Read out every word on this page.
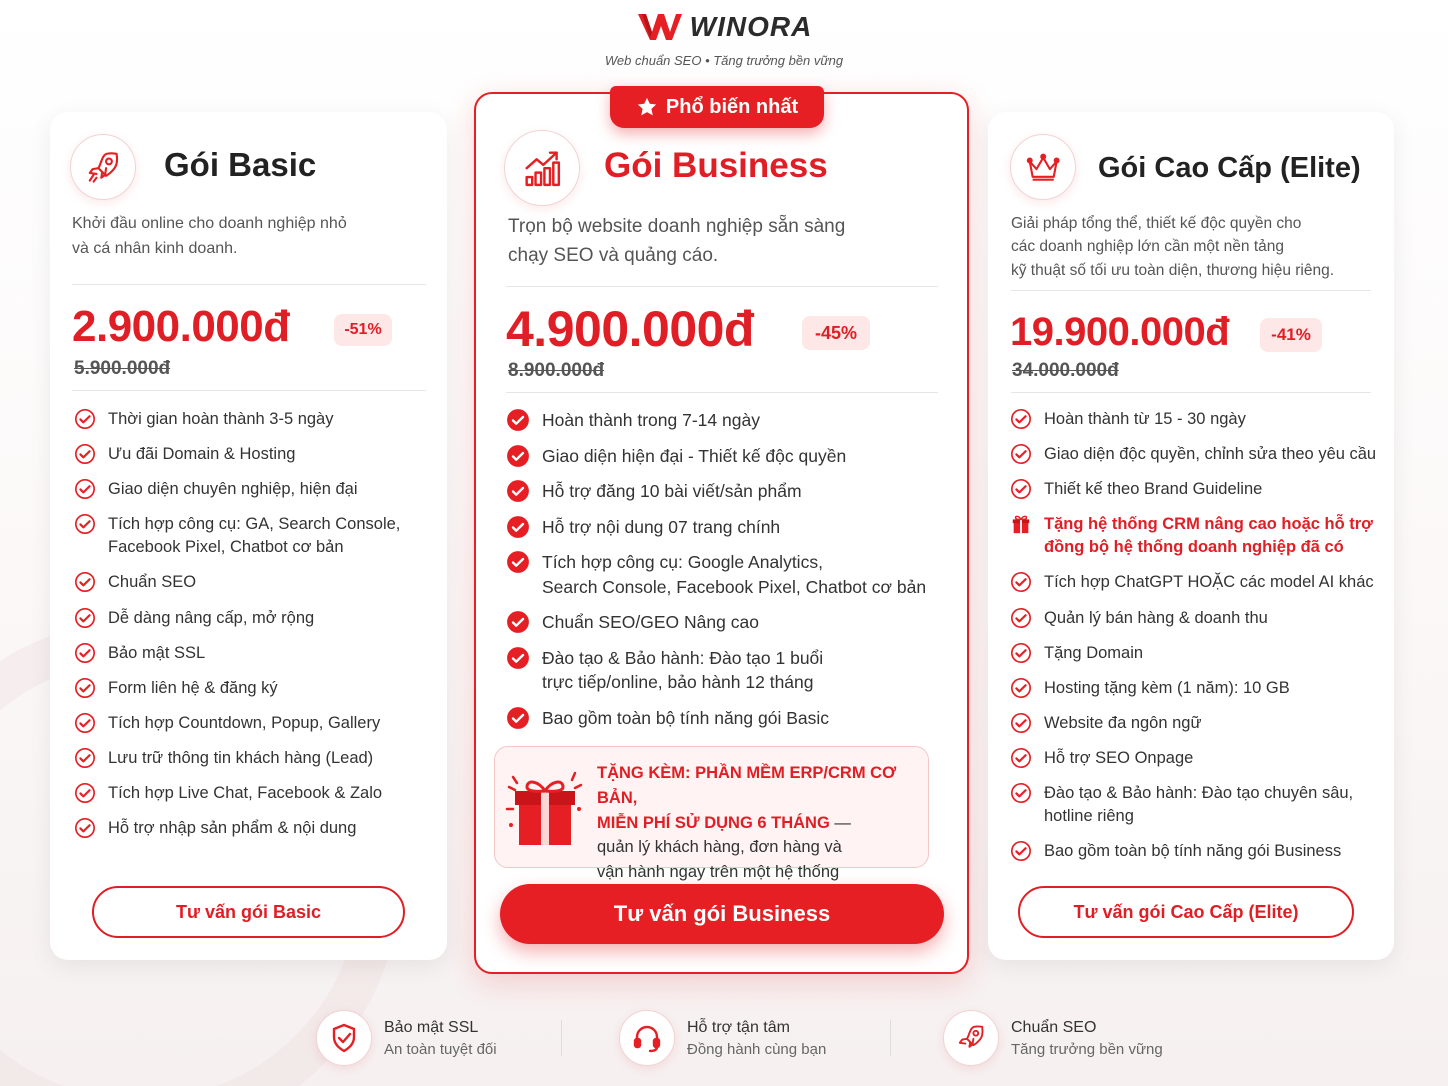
WINORA
Web chuẩn SEO • Tăng trưởng bền vững
Gói Basic
Khởi đầu online cho doanh nghiệp nhỏ
và cá nhân kinh doanh.
2.900.000đ	-51%
5.900.000đ
Thời gian hoàn thành 3-5 ngày
Ưu đãi Domain & Hosting
Giao diện chuyên nghiệp, hiện đại
Tích hợp công cụ: GA, Search Console,
Facebook Pixel, Chatbot cơ bản
Chuẩn SEO
Dễ dàng nâng cấp, mở rộng
Bảo mật SSL
Form liên hệ & đăng ký
Tích hợp Countdown, Popup, Gallery
Lưu trữ thông tin khách hàng (Lead)
Tích hợp Live Chat, Facebook & Zalo
Hỗ trợ nhập sản phẩm & nội dung
Tư vấn gói Basic
Phổ biến nhất
Gói Business
Trọn bộ website doanh nghiệp sẵn sàng
chạy SEO và quảng cáo.
4.900.000đ	-45%
8.900.000đ
Hoàn thành trong 7-14 ngày
Giao diện hiện đại - Thiết kế độc quyền
Hỗ trợ đăng 10 bài viết/sản phẩm
Hỗ trợ nội dung 07 trang chính
Tích hợp công cụ: Google Analytics,
Search Console, Facebook Pixel, Chatbot cơ bản
Chuẩn SEO/GEO Nâng cao
Đào tạo & Bảo hành: Đào tạo 1 buổi
trực tiếp/online, bảo hành 12 tháng
Bao gồm toàn bộ tính năng gói Basic
TẶNG KÈM: PHẦN MỀM ERP/CRM CƠ BẢN,
MIỄN PHÍ SỬ DỤNG 6 THÁNG —
quản lý khách hàng, đơn hàng và
vận hành ngay trên một hệ thống
Tư vấn gói Business
Gói Cao Cấp (Elite)
Giải pháp tổng thể, thiết kế độc quyền cho
các doanh nghiệp lớn cần một nền tảng
kỹ thuật số tối ưu toàn diện, thương hiệu riêng.
19.900.000đ	-41%
34.000.000đ
Hoàn thành từ 15 - 30 ngày
Giao diện độc quyền, chỉnh sửa theo yêu cầu
Thiết kế theo Brand Guideline
Tặng hệ thống CRM nâng cao hoặc hỗ trợ
đồng bộ hệ thống doanh nghiệp đã có
Tích hợp ChatGPT HOẶC các model AI khác
Quản lý bán hàng & doanh thu
Tặng Domain
Hosting tặng kèm (1 năm): 10 GB
Website đa ngôn ngữ
Hỗ trợ SEO Onpage
Đào tạo & Bảo hành: Đào tạo chuyên sâu,
hotline riêng
Bao gồm toàn bộ tính năng gói Business
Tư vấn gói Cao Cấp (Elite)
Bảo mật SSL
An toàn tuyệt đối
Hỗ trợ tận tâm
Đồng hành cùng bạn
Chuẩn SEO
Tăng trưởng bền vững
